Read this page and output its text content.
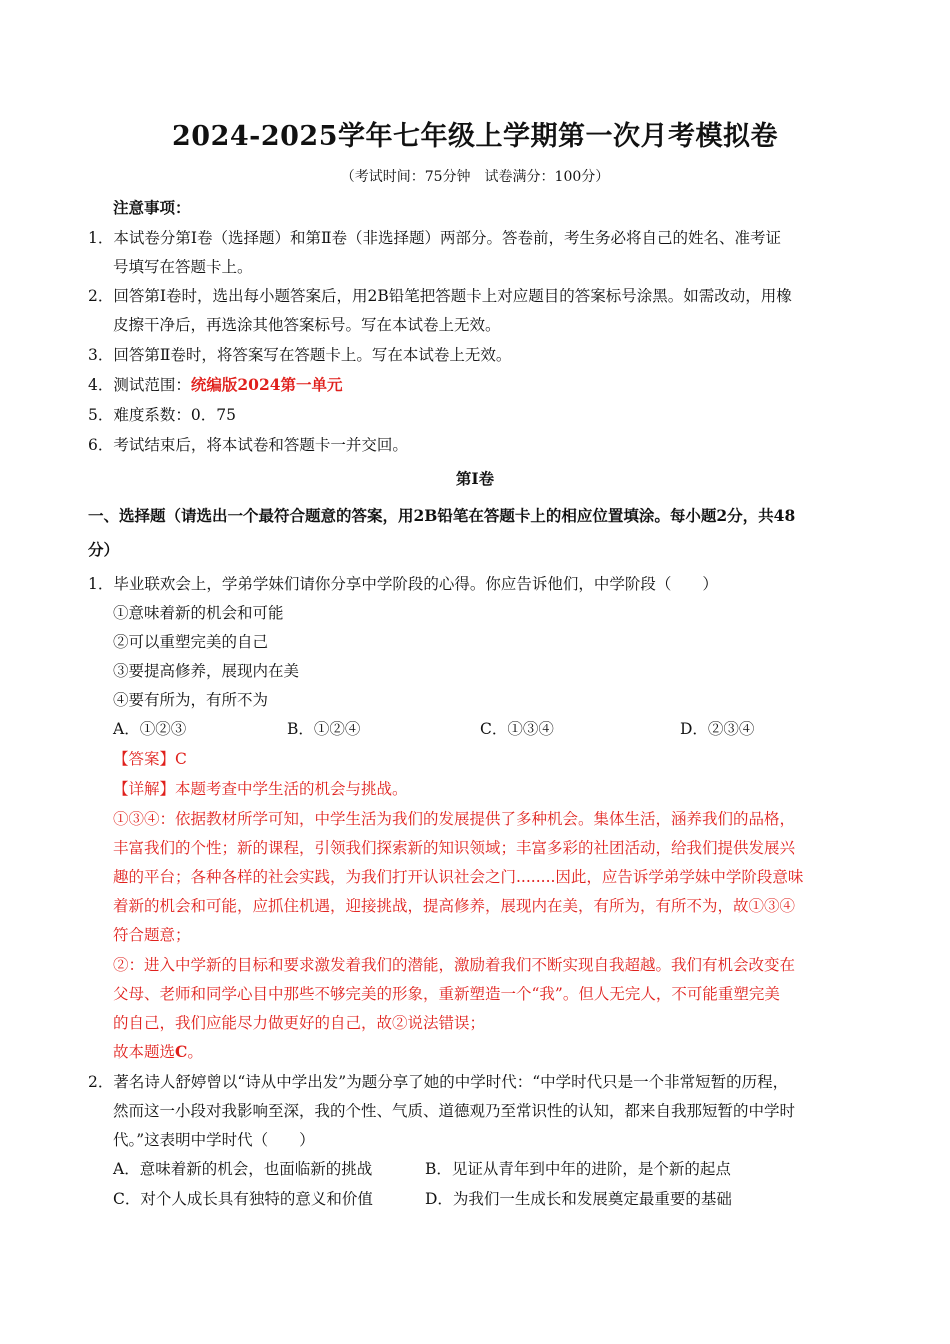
2024-2025学年七年级上学期第一次月考模拟卷
（考试时间：75分钟　试卷满分：100分）
注意事项：
1．本试卷分第Ⅰ卷（选择题）和第Ⅱ卷（非选择题）两部分。答卷前，考生务必将自己的姓名、准考证
号填写在答题卡上。
2．回答第Ⅰ卷时，选出每小题答案后，用2B铅笔把答题卡上对应题目的答案标号涂黑。如需改动，用橡
皮擦干净后，再选涂其他答案标号。写在本试卷上无效。
3．回答第Ⅱ卷时，将答案写在答题卡上。写在本试卷上无效。
4．测试范围：统编版2024第一单元
5．难度系数：0．75
6．考试结束后，将本试卷和答题卡一并交回。
第Ⅰ卷
一、选择题（请选出一个最符合题意的答案，用2B铅笔在答题卡上的相应位置填涂。每小题2分，共48
分）
1．毕业联欢会上，学弟学妹们请你分享中学阶段的心得。你应告诉他们，中学阶段（　　）
①意味着新的机会和可能
②可以重塑完美的自己
③要提高修养，展现内在美
④要有所为，有所不为
A．①②③	B．①②④	C．①③④	D．②③④
【答案】C
【详解】本题考查中学生活的机会与挑战。
①③④：依据教材所学可知，中学生活为我们的发展提供了多种机会。集体生活，涵养我们的品格，
丰富我们的个性；新的课程，引领我们探索新的知识领域；丰富多彩的社团活动，给我们提供发展兴
趣的平台；各种各样的社会实践，为我们打开认识社会之门........因此，应告诉学弟学妹中学阶段意味
着新的机会和可能，应抓住机遇，迎接挑战，提高修养，展现内在美，有所为，有所不为，故①③④
符合题意；
②：进入中学新的目标和要求激发着我们的潜能，激励着我们不断实现自我超越。我们有机会改变在
父母、老师和同学心目中那些不够完美的形象，重新塑造一个“我”。但人无完人，不可能重塑完美
的自己，我们应能尽力做更好的自己，故②说法错误；
故本题选C。
2．著名诗人舒婷曾以“诗从中学出发”为题分享了她的中学时代：“中学时代只是一个非常短暂的历程，
然而这一小段对我影响至深，我的个性、气质、道德观乃至常识性的认知，都来自我那短暂的中学时
代。”这表明中学时代（　　）
A．意味着新的机会，也面临新的挑战	B．见证从青年到中年的进阶，是个新的起点
C．对个人成长具有独特的意义和价值	D．为我们一生成长和发展奠定最重要的基础
